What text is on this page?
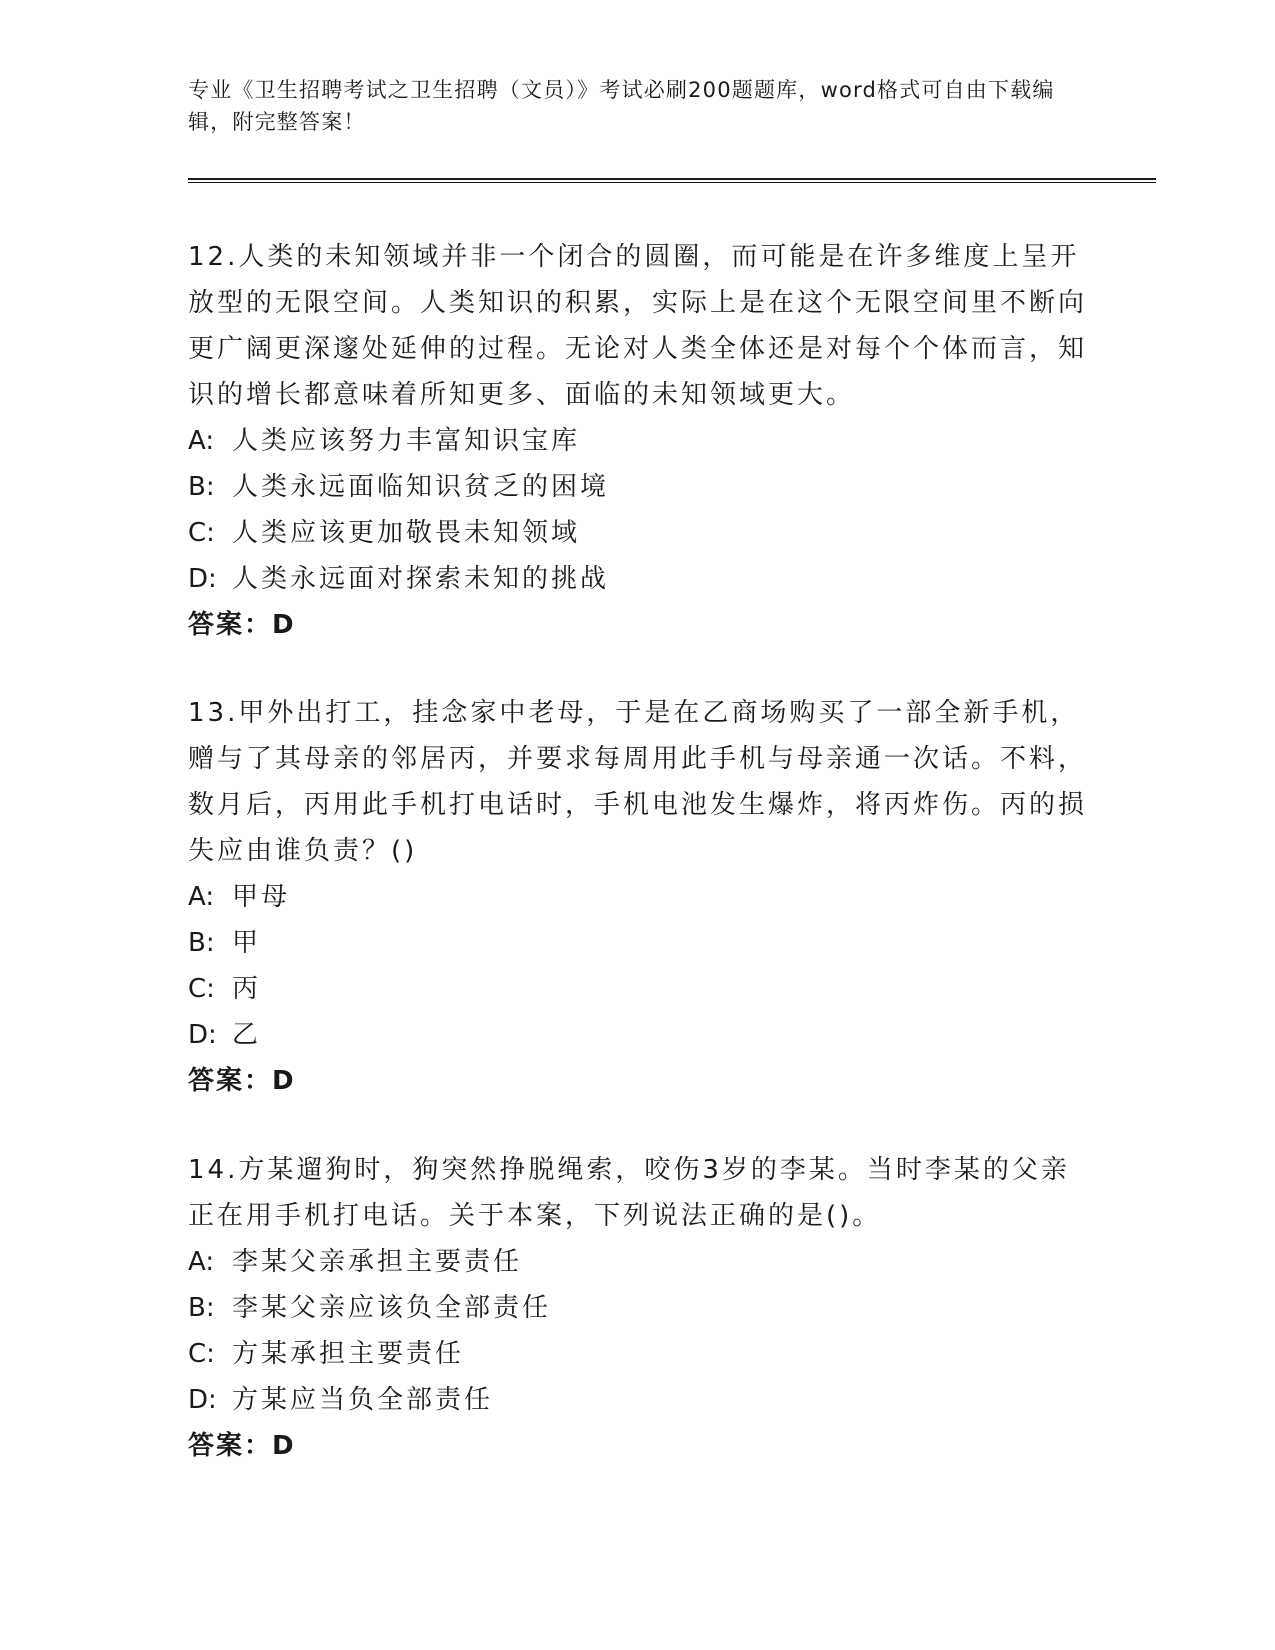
专业《卫生招聘考试之卫生招聘（文员）》考试必刷200题题库，word格式可自由下载编辑，附完整答案！

12.人类的未知领域并非一个闭合的圆圈，而可能是在许多维度上呈开放型的无限空间。人类知识的积累，实际上是在这个无限空间里不断向更广阔更深邃处延伸的过程。无论对人类全体还是对每个个体而言，知识的增长都意味着所知更多、面临的未知领域更大。

A: 人类应该努力丰富知识宝库
B: 人类永远面临知识贫乏的困境
C: 人类应该更加敬畏未知领域
D: 人类永远面对探索未知的挑战
答案：D

13.甲外出打工，挂念家中老母，于是在乙商场购买了一部全新手机，赠与了其母亲的邻居丙，并要求每周用此手机与母亲通一次话。不料，数月后，丙用此手机打电话时，手机电池发生爆炸，将丙炸伤。丙的损失应由谁负责？()

A: 甲母
B: 甲
C: 丙
D: 乙
答案：D

14.方某遛狗时，狗突然挣脱绳索，咬伤3岁的李某。当时李某的父亲正在用手机打电话。关于本案，下列说法正确的是()。

A: 李某父亲承担主要责任
B: 李某父亲应该负全部责任
C: 方某承担主要责任
D: 方某应当负全部责任
答案：D
